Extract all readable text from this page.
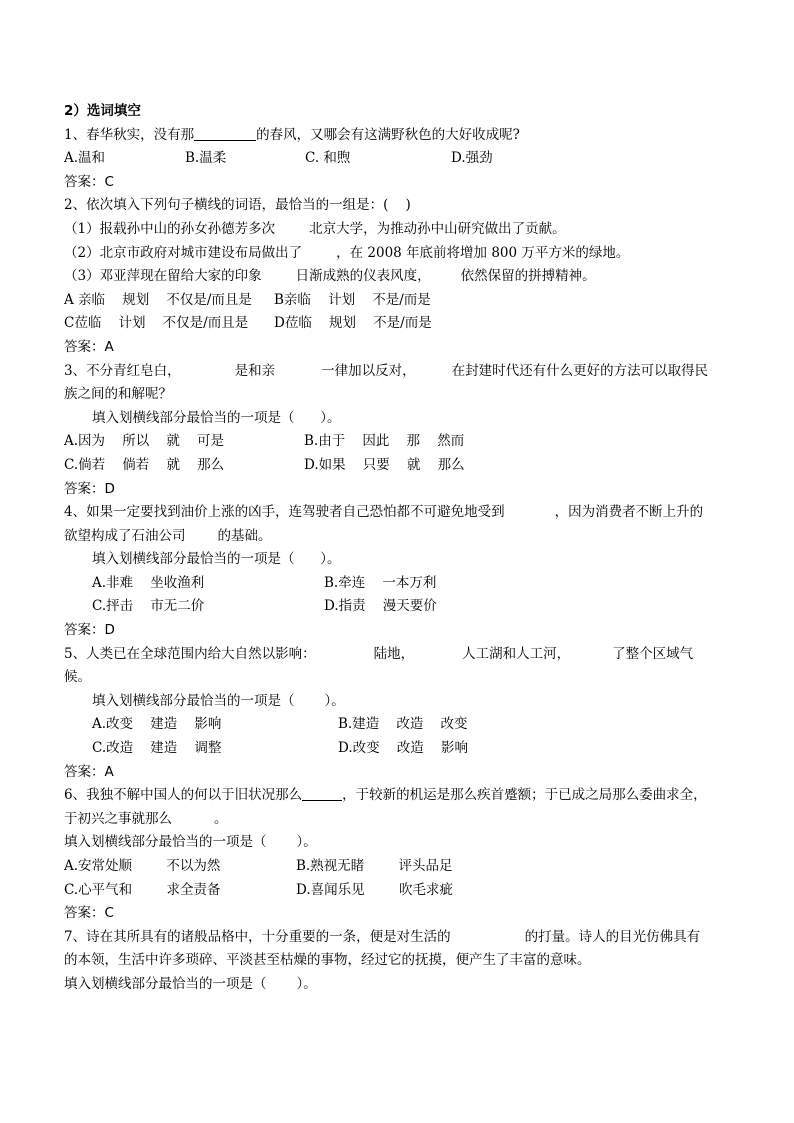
2）选词填空
1、春华秋实，没有那	的春风，又哪会有这满野秋色的大好收成呢?
A.温和	B.温柔	C. 和煦	D.强劲
答案：C
2、依次填入下列句子横线的词语，最恰当的一组是：(    )
（1）报载孙中山的孙女孙德芳多次	北京大学，为推动孙中山研究做出了贡献。
（2）北京市政府对城市建设布局做出了	，在 2008 年底前将增加 800 万平方米的绿地。
（3）邓亚萍现在留给大家的印象	日渐成熟的仪表风度， 依然保留的拼搏精神。
A 亲临    规划    不仅是/而且是	B亲临    计划    不是/而是
C莅临    计划    不仅是/而且是	D莅临    规划    不是/而是
答案：A
3、不分青红皂白，	是和亲	一律加以反对，	在封建时代还有什么更好的方法可以取得民
族之间的和解呢？
填入划横线部分最恰当的一项是（      ）。
A.因为    所以    就    可是	B.由于    因此    那    然而
C.倘若    倘若    就    那么	D.如果    只要    就    那么
答案：D
4、如果一定要找到油价上涨的凶手，连驾驶者自己恐怕都不可避免地受到	，因为消费者不断上升的
欲望构成了石油公司 的基础。
填入划横线部分最恰当的一项是（      ）。
A.非难    坐收渔利	B.牵连    一本万利
C.抨击    市无二价	D.指责    漫天要价
答案：D
5、人类已在全球范围内给大自然以影响：	陆地，	人工湖和人工河，	了整个区域气
候。
填入划横线部分最恰当的一项是（       ）。
A.改变    建造    影响	B.建造    改造    改变
C.改造    建造    调整	D.改变    改造    影响
答案：A
6、我独不解中国人的何以于旧状况那么	，于较新的机运是那么疾首蹙额；于已成之局那么委曲求全，
于初兴之事就那么	。
填入划横线部分最恰当的一项是（       ）。
A.安常处顺        不以为然	B.熟视无睹        评头品足
C.心平气和        求全责备	D.喜闻乐见        吹毛求疵
答案：C
7、诗在其所具有的诸般品格中，十分重要的一条，便是对生活的	的打量。诗人的目光仿佛具有
的本领，生活中许多琐碎、平淡甚至枯燥的事物，经过它的抚摸，便产生了丰富的意味。
填入划横线部分最恰当的一项是（       ）。
